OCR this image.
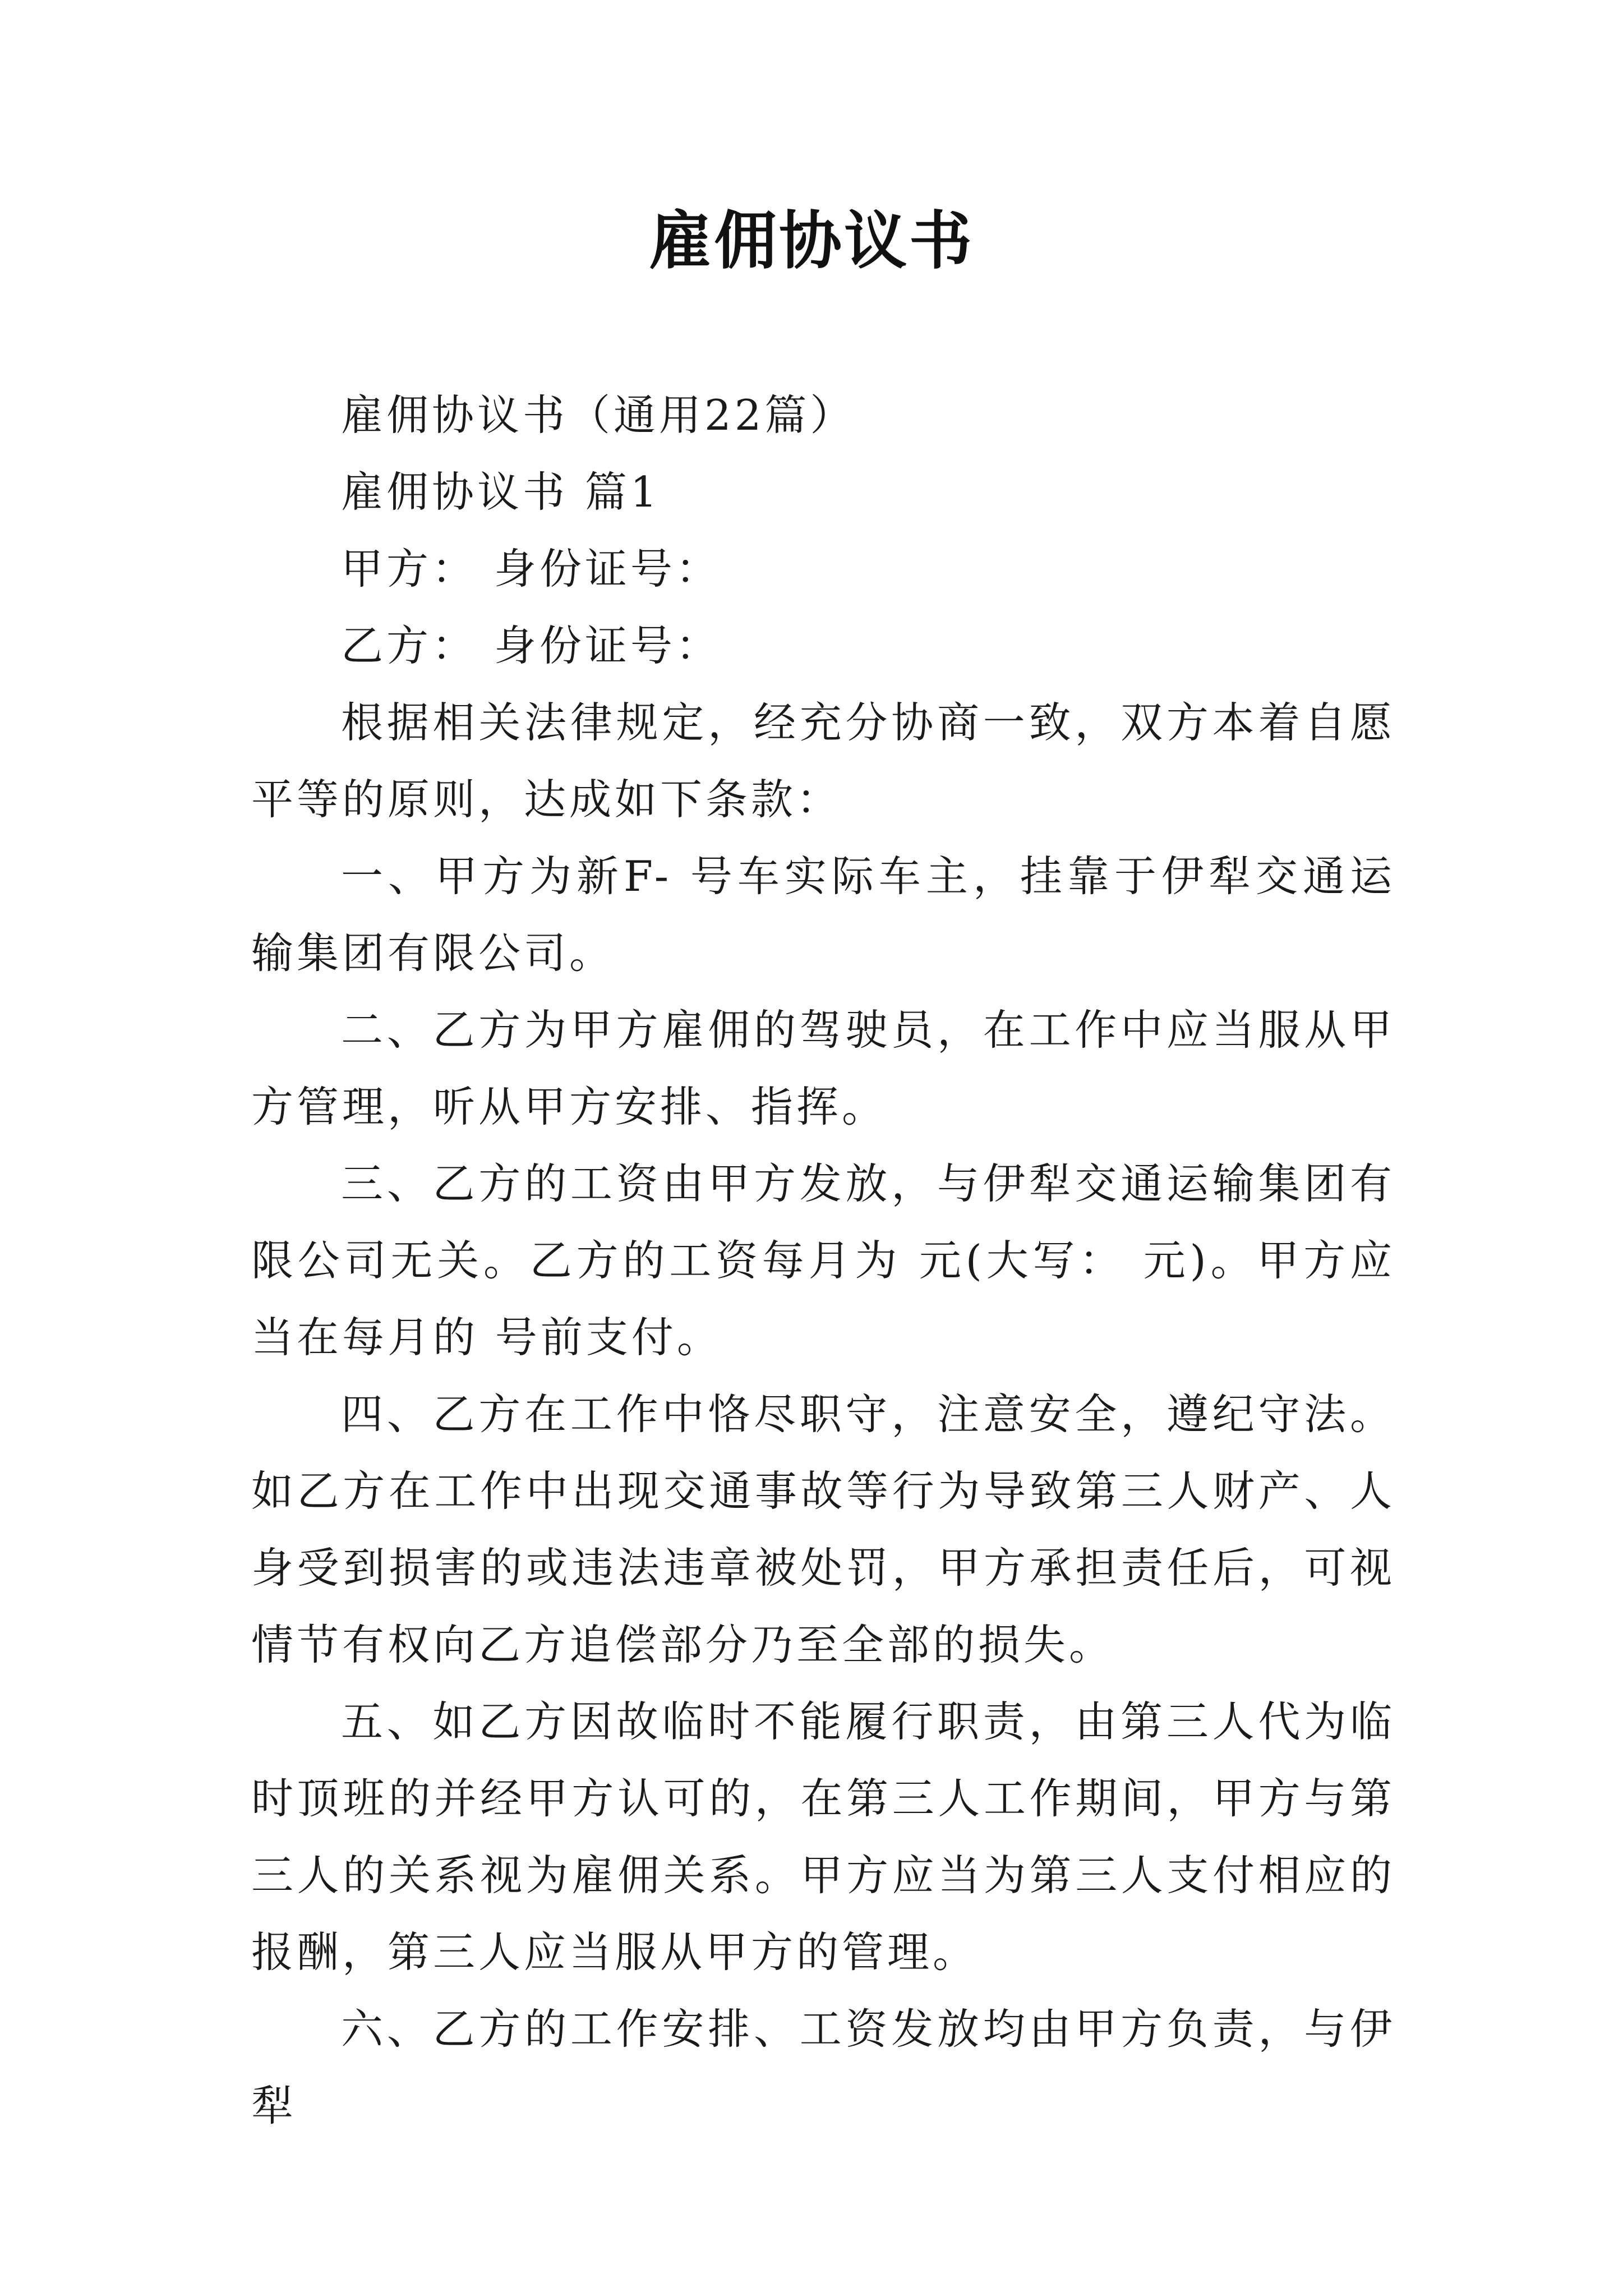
雇佣协议书

雇佣协议书（通用22篇）

雇佣协议书 篇1

甲方： 身份证号：

乙方： 身份证号：

根据相关法律规定，经充分协商一致，双方本着自愿平等的原则，达成如下条款：

一、甲方为新F- 号车实际车主，挂靠于伊犁交通运输集团有限公司。

二、乙方为甲方雇佣的驾驶员，在工作中应当服从甲方管理，听从甲方安排、指挥。

三、乙方的工资由甲方发放，与伊犁交通运输集团有限公司无关。乙方的工资每月为 元(大写： 元)。甲方应当在每月的 号前支付。

四、乙方在工作中恪尽职守，注意安全，遵纪守法。如乙方在工作中出现交通事故等行为导致第三人财产、人身受到损害的或违法违章被处罚，甲方承担责任后，可视情节有权向乙方追偿部分乃至全部的损失。

五、如乙方因故临时不能履行职责，由第三人代为临时顶班的并经甲方认可的，在第三人工作期间，甲方与第三人的关系视为雇佣关系。甲方应当为第三人支付相应的报酬，第三人应当服从甲方的管理。

六、乙方的工作安排、工资发放均由甲方负责，与伊犁
